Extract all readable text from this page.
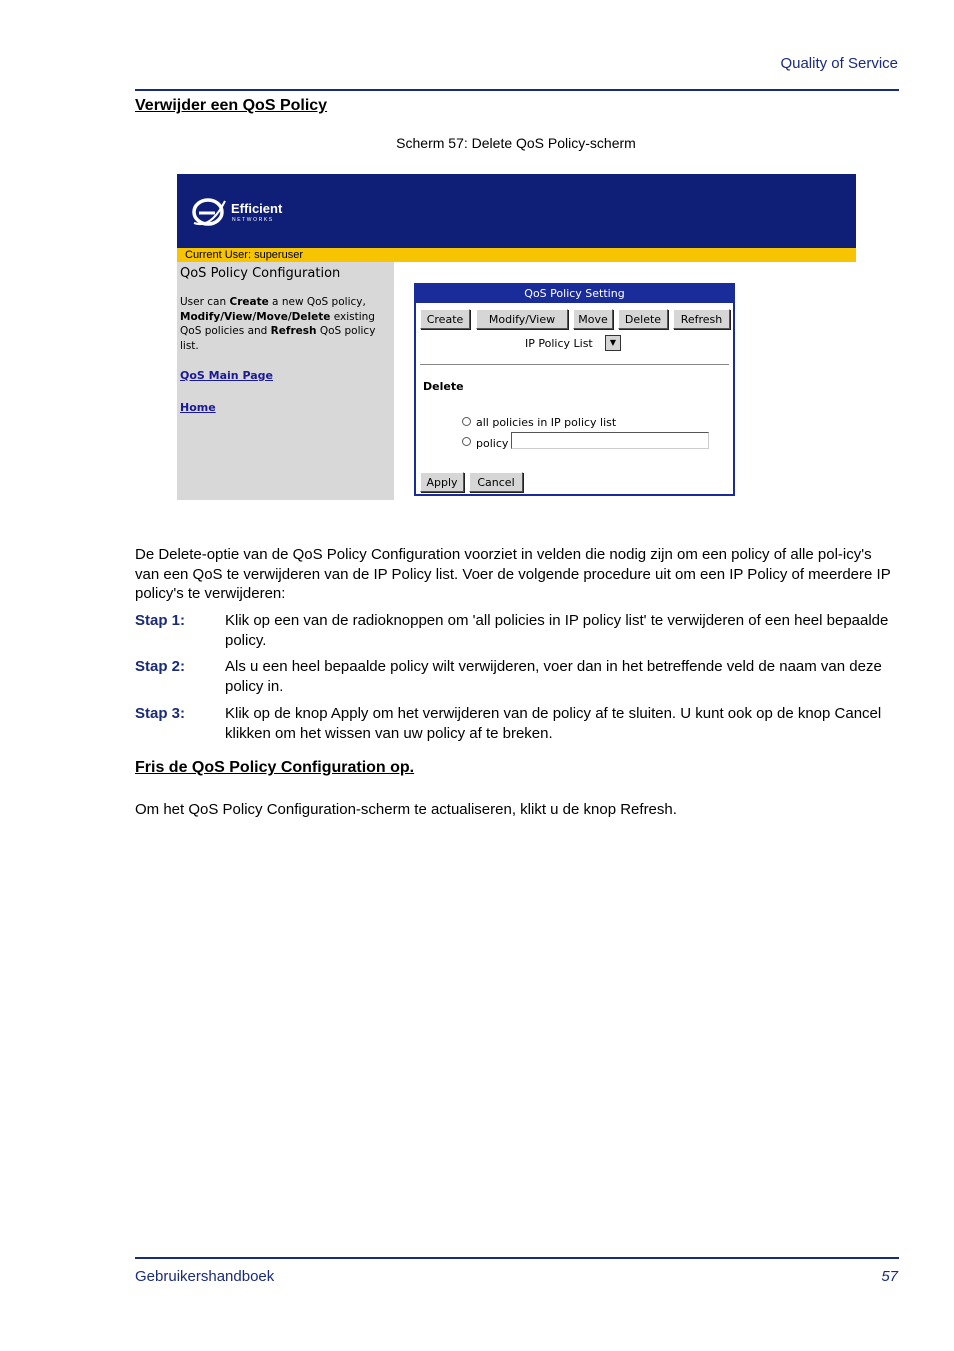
Quality of Service
Verwijder een QoS Policy
Scherm 57: Delete QoS Policy-scherm
Efficient
NETWORKS
Current User: superuser
QoS Policy Configuration
User can Create a new QoS policy, Modify/View/Move/Delete existing QoS policies and Refresh QoS policy list.
QoS Main Page
Home
QoS Policy Setting
Create	Modify/View	Move	Delete	Refresh
IP Policy List	▼
Delete
all policies in IP policy list
policy
Apply	Cancel
De Delete-optie van de QoS Policy Configuration voorziet in velden die nodig zijn om een policy of alle pol-icy's van een QoS te verwijderen van de IP Policy list. Voer de volgende procedure uit om een IP Policy of meerdere IP policy's te verwijderen:
Stap 1:	Klik op een van de radioknoppen om 'all policies in IP policy list' te verwijderen of een heel bepaalde policy.
Stap 2:	Als u een heel bepaalde policy wilt verwijderen, voer dan in het betreffende veld de naam van deze policy in.
Stap 3:	Klik op de knop Apply om het verwijderen van de policy af te sluiten. U kunt ook op de knop Cancel klikken om het wissen van uw policy af te breken.
Fris de QoS Policy Configuration op.
Om het QoS Policy Configuration-scherm te actualiseren, klikt u de knop Refresh.
Gebruikershandboek	57
